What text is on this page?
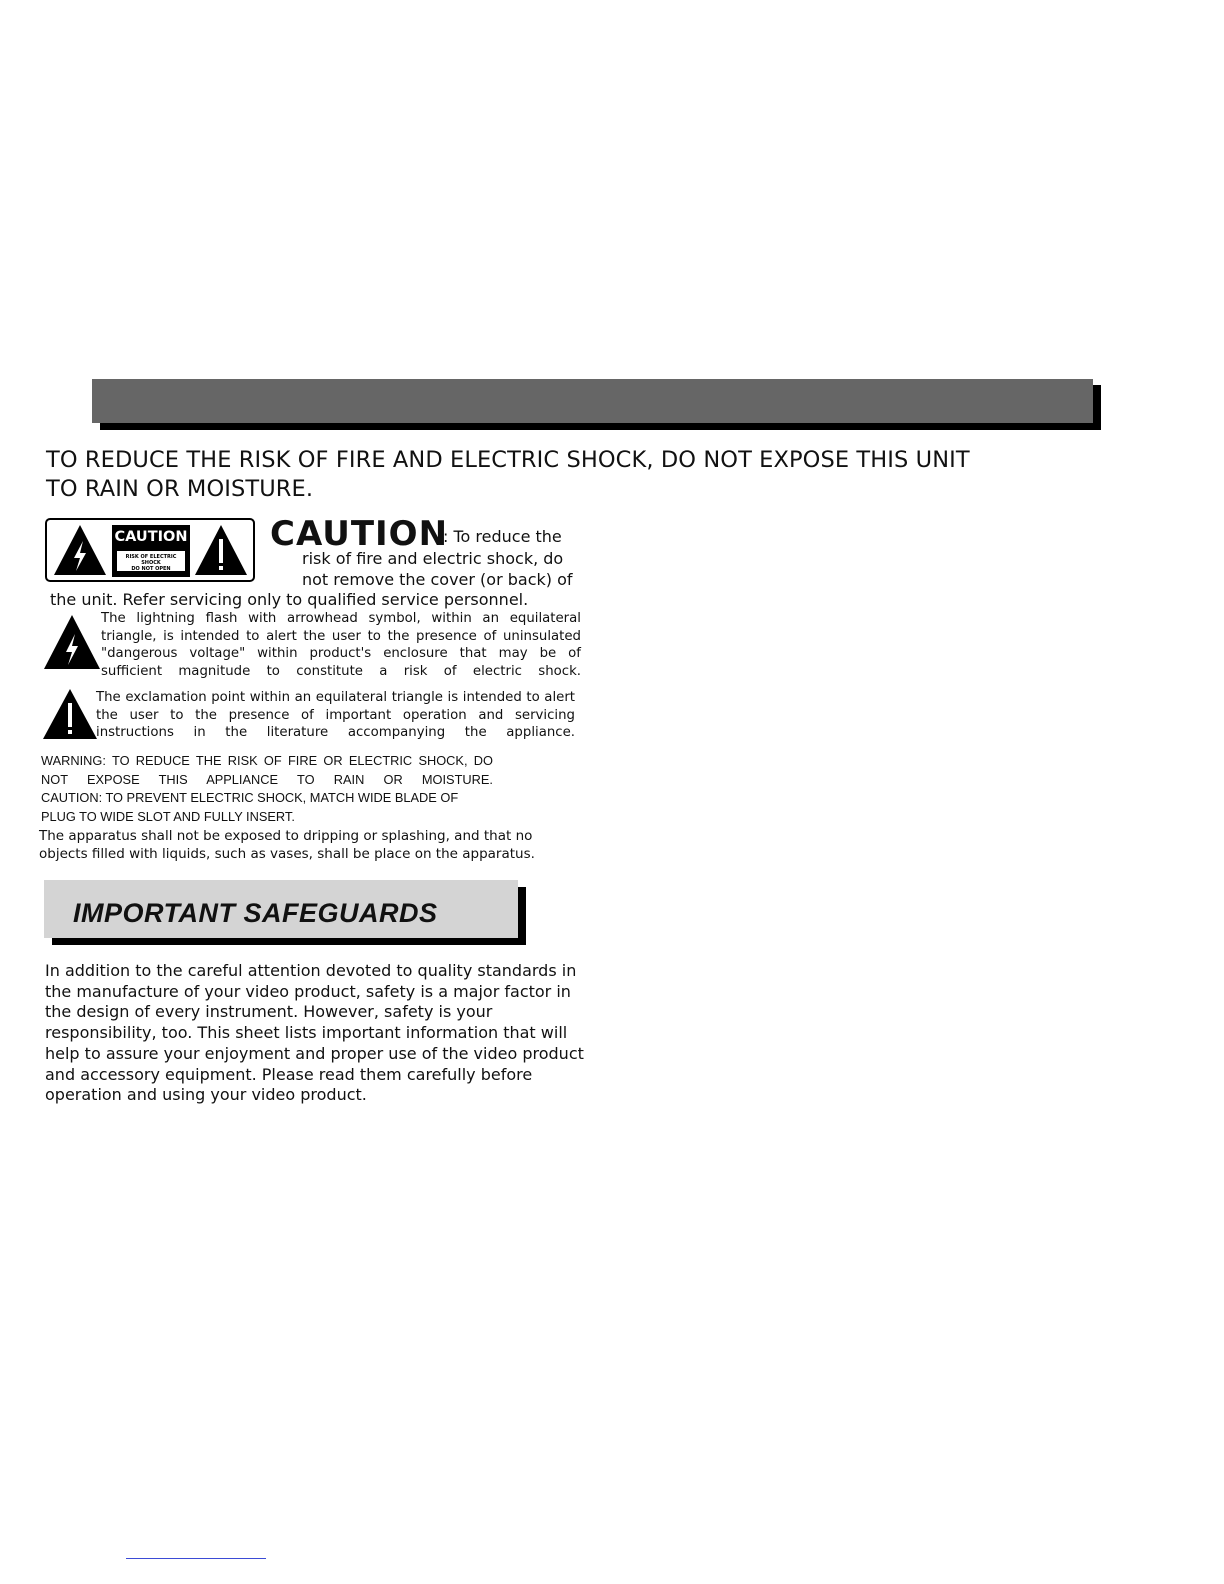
TO REDUCE THE RISK OF FIRE AND ELECTRIC SHOCK, DO NOT EXPOSE THIS UNIT TO RAIN OR MOISTURE.
CAUTION
RISK OF ELECTRIC SHOCK
DO NOT OPEN
CAUTION
: To reduce the
risk of fire and electric shock, do not remove the cover (or back) of
the unit. Refer servicing only to qualified service personnel.
The lightning flash with arrowhead symbol, within an equilateral triangle, is intended to alert the user to the presence of uninsulated "dangerous voltage" within product's enclosure that may be of sufficient magnitude to constitute a risk of electric shock.
The exclamation point within an equilateral triangle is intended to alert the user to the presence of important operation and servicing instructions in the literature accompanying the appliance.
WARNING: TO REDUCE THE RISK OF FIRE OR ELECTRIC SHOCK, DO
NOT EXPOSE THIS APPLIANCE TO RAIN OR MOISTURE.
CAUTION: TO PREVENT ELECTRIC SHOCK, MATCH WIDE BLADE OF
PLUG TO WIDE SLOT AND FULLY INSERT.
The apparatus shall not be exposed to dripping or splashing, and that no objects filled with liquids, such as vases, shall be place on the apparatus.
IMPORTANT SAFEGUARDS
In addition to the careful attention devoted to quality standards in the manufacture of your video product, safety is a major factor in the design of every instrument. However, safety is your responsibility, too. This sheet lists important information that will help to assure your enjoyment and proper use of the video product and accessory equipment. Please read them carefully before operation and using your video product.
